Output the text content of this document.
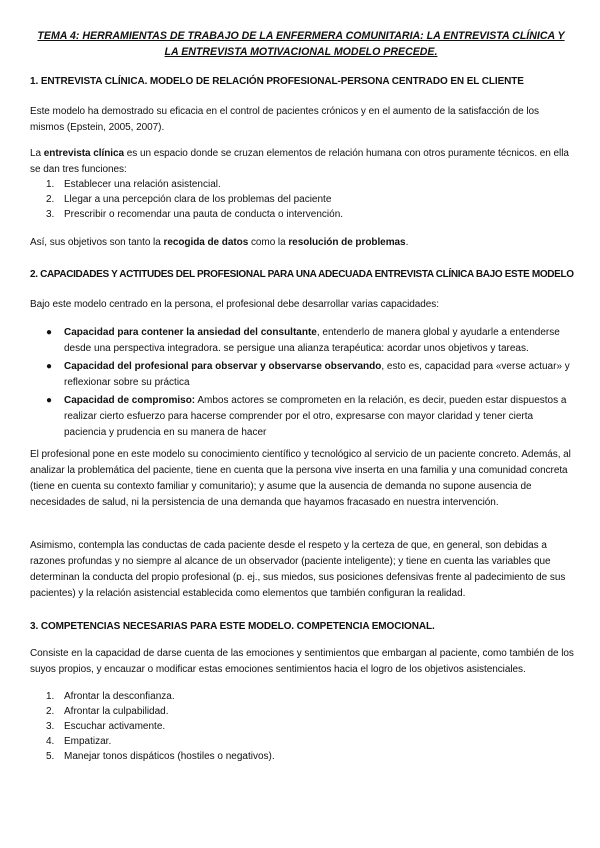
TEMA 4: HERRAMIENTAS DE TRABAJO DE LA ENFERMERA COMUNITARIA: LA ENTREVISTA CLÍNICA Y LA ENTREVISTA MOTIVACIONAL MODELO PRECEDE.
1. ENTREVISTA CLÍNICA. MODELO DE RELACIÓN PROFESIONAL-PERSONA CENTRADO EN EL CLIENTE
Este modelo ha demostrado su eficacia en el control de pacientes crónicos y en el aumento de la satisfacción de los mismos (Epstein, 2005, 2007).
La entrevista clínica es un espacio donde se cruzan elementos de relación humana con otros puramente técnicos. en ella se dan tres funciones:
1. Establecer una relación asistencial.
2. Llegar a una percepción clara de los problemas del paciente
3. Prescribir o recomendar una pauta de conducta o intervención.
Así, sus objetivos son tanto la recogida de datos como la resolución de problemas.
2. CAPACIDADES Y ACTITUDES DEL PROFESIONAL PARA UNA ADECUADA ENTREVISTA CLÍNICA BAJO ESTE MODELO
Bajo este modelo centrado en la persona, el profesional debe desarrollar varias capacidades:
● Capacidad para contener la ansiedad del consultante, entenderlo de manera global y ayudarle a entenderse desde una perspectiva integradora. se persigue una alianza terapéutica: acordar unos objetivos y tareas.
● Capacidad del profesional para observar y observarse observando, esto es, capacidad para «verse actuar» y reflexionar sobre su práctica
● Capacidad de compromiso: Ambos actores se comprometen en la relación, es decir, pueden estar dispuestos a realizar cierto esfuerzo para hacerse comprender por el otro, expresarse con mayor claridad y tener cierta paciencia y prudencia en su manera de hacer
El profesional pone en este modelo su conocimiento científico y tecnológico al servicio de un paciente concreto. Además, al analizar la problemática del paciente, tiene en cuenta que la persona vive inserta en una familia y una comunidad concreta (tiene en cuenta su contexto familiar y comunitario); y asume que la ausencia de demanda no supone ausencia de necesidades de salud, ni la persistencia de una demanda que hayamos fracasado en nuestra intervención.
Asimismo, contempla las conductas de cada paciente desde el respeto y la certeza de que, en general, son debidas a razones profundas y no siempre al alcance de un observador (paciente inteligente); y tiene en cuenta las variables que determinan la conducta del propio profesional (p. ej., sus miedos, sus posiciones defensivas frente al padecimiento de sus pacientes) y la relación asistencial establecida como elementos que también configuran la realidad.
3. COMPETENCIAS NECESARIAS PARA ESTE MODELO. COMPETENCIA EMOCIONAL.
Consiste en la capacidad de darse cuenta de las emociones y sentimientos que embargan al paciente, como también de los suyos propios, y encauzar o modificar estas emociones sentimientos hacia el logro de los objetivos asistenciales.
1. Afrontar la desconfianza.
2. Afrontar la culpabilidad.
3. Escuchar activamente.
4. Empatizar.
5. Manejar tonos dispáticos (hostiles o negativos).
